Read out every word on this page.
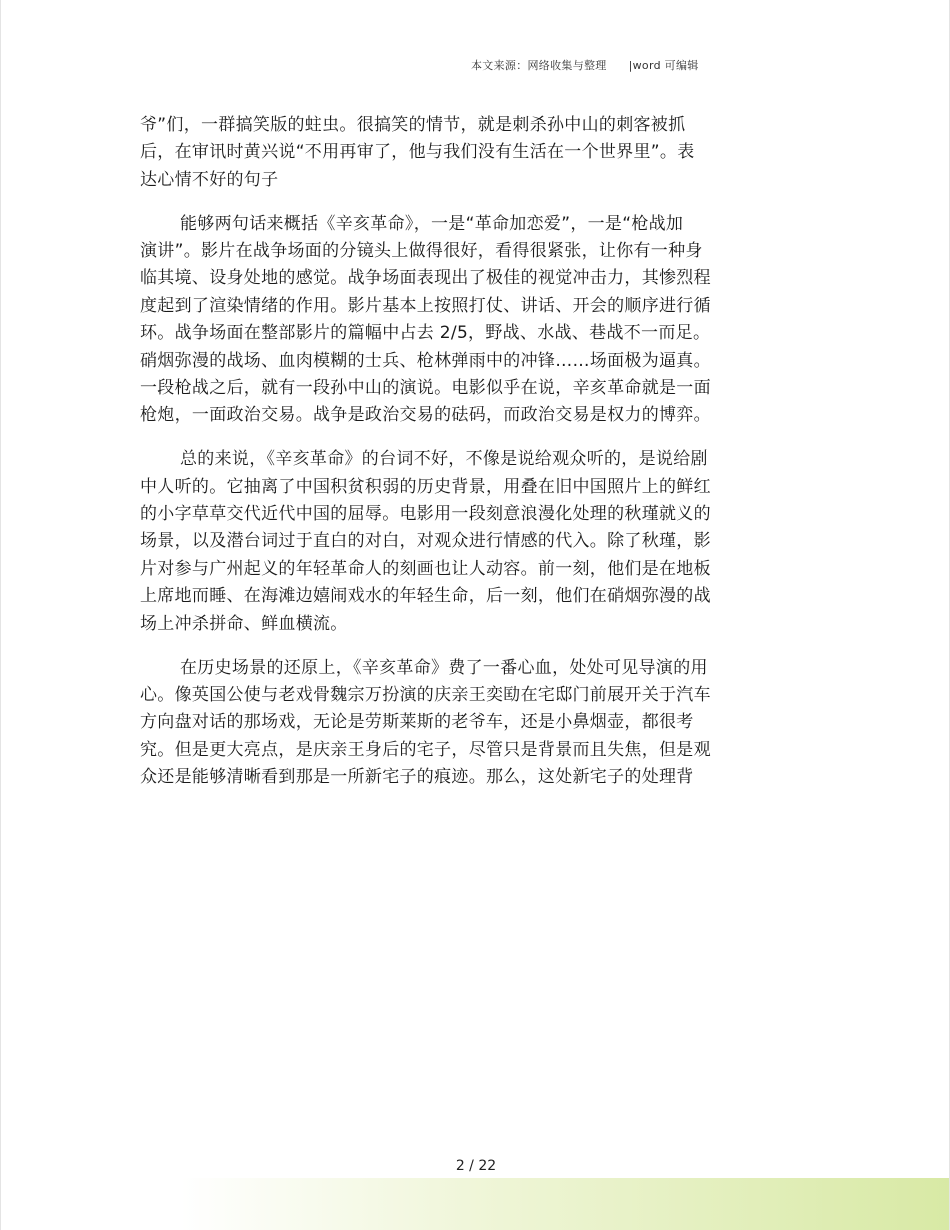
本文来源：网络收集与整理 |word 可编辑
爷”们，一群搞笑版的蛀虫。很搞笑的情节，就是刺杀孙中山的刺客被抓
后，在审讯时黄兴说“不用再审了，他与我们没有生活在一个世界里”。表
达心情不好的句子
能够两句话来概括《辛亥革命》，一是“革命加恋爱”，一是“枪战加
演讲”。影片在战争场面的分镜头上做得很好，看得很紧张，让你有一种身
临其境、设身处地的感觉。战争场面表现出了极佳的视觉冲击力，其惨烈程
度起到了渲染情绪的作用。影片基本上按照打仗、讲话、开会的顺序进行循
环。战争场面在整部影片的篇幅中占去 2/5，野战、水战、巷战不一而足。
硝烟弥漫的战场、血肉模糊的士兵、枪林弹雨中的冲锋……场面极为逼真。
一段枪战之后，就有一段孙中山的演说。电影似乎在说，辛亥革命就是一面
枪炮，一面政治交易。战争是政治交易的砝码，而政治交易是权力的博弈。
总的来说，《辛亥革命》的台词不好，不像是说给观众听的，是说给剧
中人听的。它抽离了中国积贫积弱的历史背景，用叠在旧中国照片上的鲜红
的小字草草交代近代中国的屈辱。电影用一段刻意浪漫化处理的秋瑾就义的
场景，以及潜台词过于直白的对白，对观众进行情感的代入。除了秋瑾，影
片对参与广州起义的年轻革命人的刻画也让人动容。前一刻，他们是在地板
上席地而睡、在海滩边嬉闹戏水的年轻生命，后一刻，他们在硝烟弥漫的战
场上冲杀拼命、鲜血横流。
在历史场景的还原上，《辛亥革命》费了一番心血，处处可见导演的用
心。像英国公使与老戏骨魏宗万扮演的庆亲王奕劻在宅邸门前展开关于汽车
方向盘对话的那场戏，无论是劳斯莱斯的老爷车，还是小鼻烟壶，都很考
究。但是更大亮点，是庆亲王身后的宅子，尽管只是背景而且失焦，但是观
众还是能够清晰看到那是一所新宅子的痕迹。那么，这处新宅子的处理背
2 / 22
